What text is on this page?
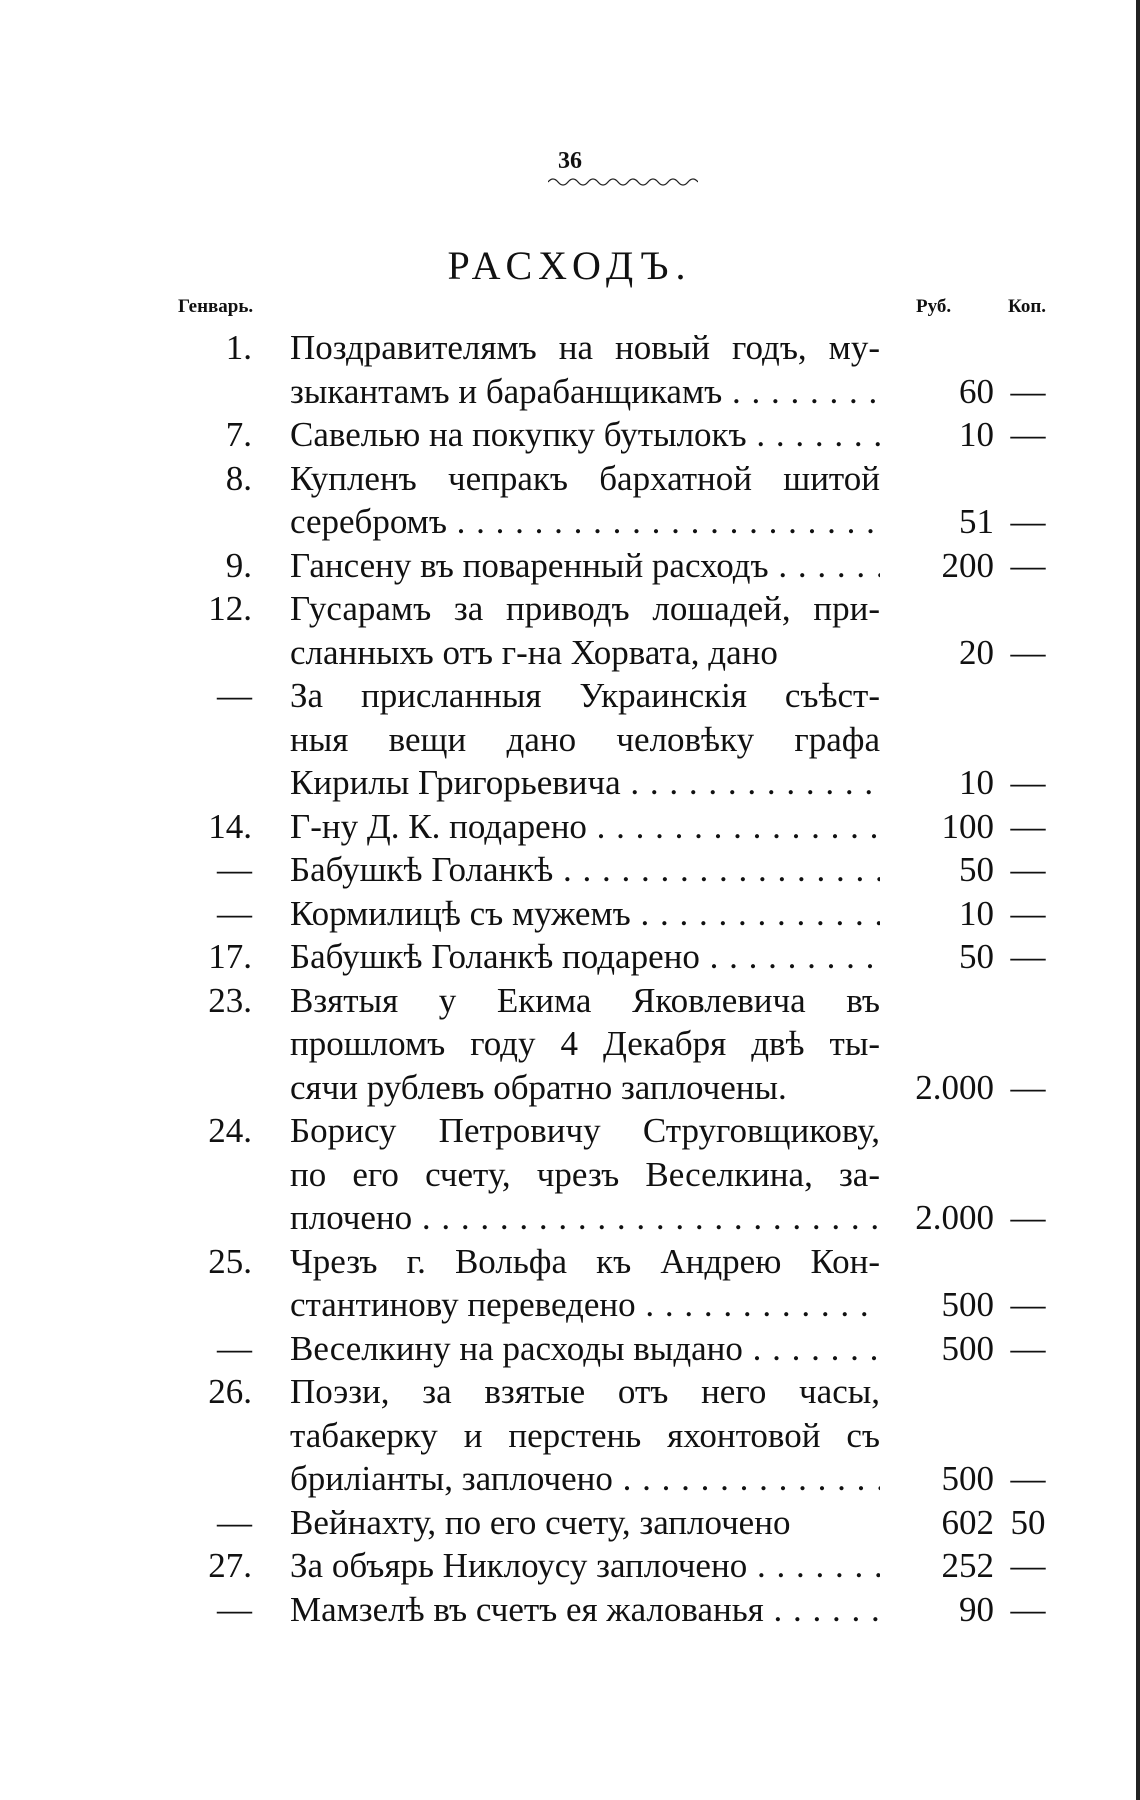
36
РАСХОДЪ.
Генварь.	Руб.	Коп.
1. Поздравителямъ на новый годъ, му-
зыкантамъ и барабанщикамъ . . .	60 —
7. Савелью на покупку бутылокъ . . .	10 —
8. Купленъ чепракъ бархатной шитой
серебромъ . . .	51 —
9. Гансену въ поваренный расходъ . . .	200 —
12. Гусарамъ за приводъ лошадей, при-
сланныхъ отъ г-на Хорвата, дано	20 —
— За присланныя Украинскія съѣст-
ныя вещи дано человѣку графа
Кирилы Григорьевича . . .	10 —
14. Г-ну Д. К. подарено . . .	100 —
— Бабушкѣ Голанкѣ . . .	50 —
— Кормилицѣ съ мужемъ . . .	10 —
17. Бабушкѣ Голанкѣ подарено . . .	50 —
23. Взятыя у Екима Яковлевича въ
прошломъ году 4 Декабря двѣ ты-
сячи рублевъ обратно заплочены.	2.000 —
24. Борису Петровичу Струговщикову,
по его счету, чрезъ Веселкина, за-
плочено . . .	2.000 —
25. Чрезъ г. Вольфа къ Андрею Кон-
стантинову переведено . . .	500 —
— Веселкину на расходы выдано . . .	500 —
26. Поэзи, за взятые отъ него часы,
табакерку и перстень яхонтовой съ
бриліанты, заплочено . . .	500 —
— Вейнахту, по его счету, заплочено	602 50
27. За объярь Никлоусу заплочено . . .	252 —
— Мамзелѣ въ счетъ ея жалованья . . .	90 —
